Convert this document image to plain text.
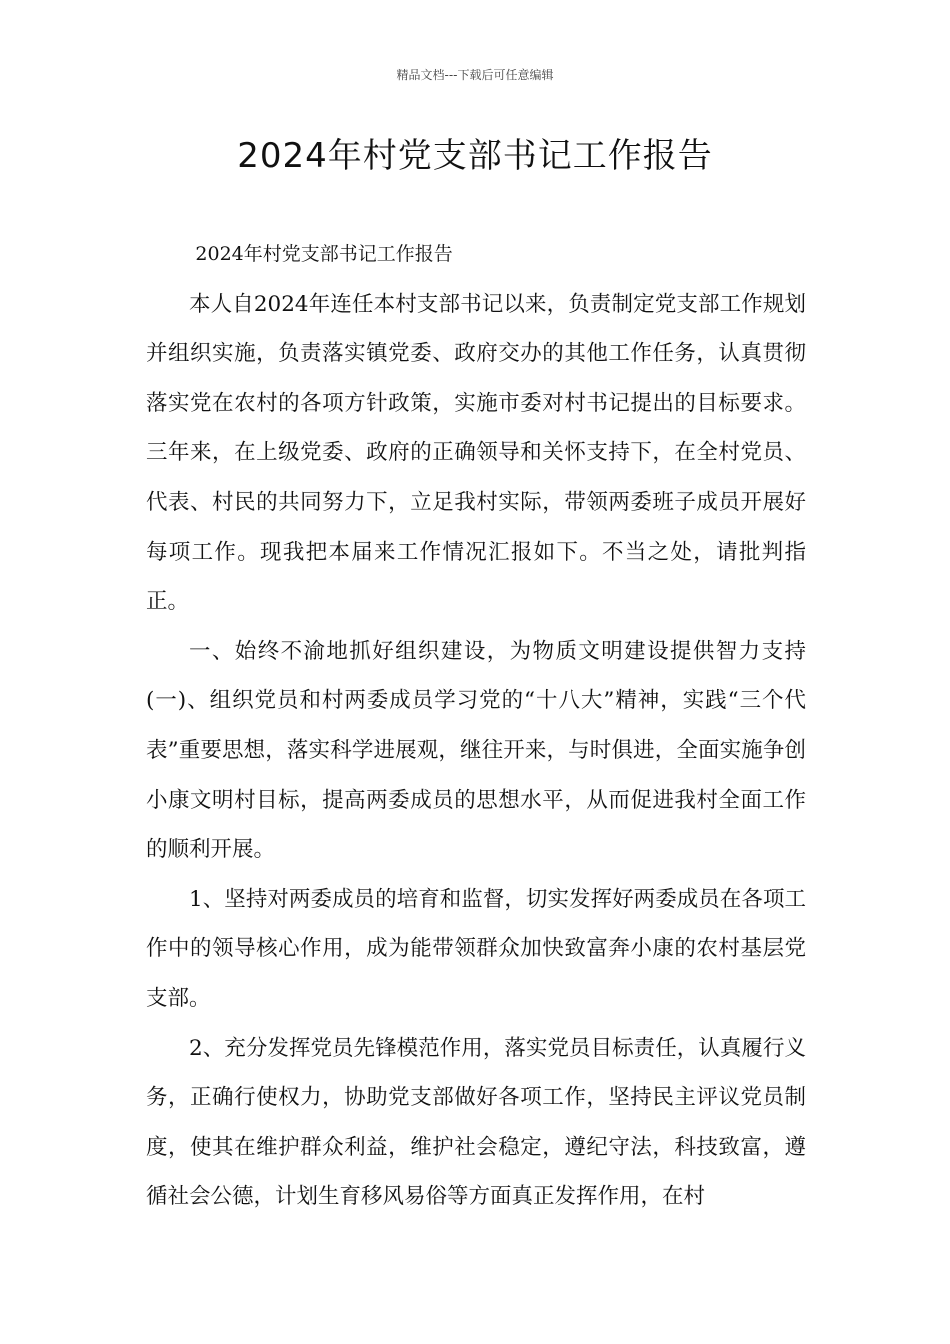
精品文档---下载后可任意编辑
2024年村党支部书记工作报告

2024年村党支部书记工作报告

本人自2024年连任本村支部书记以来，负责制定党支部工作规划并组织实施，负责落实镇党委、政府交办的其他工作任务，认真贯彻落实党在农村的各项方针政策，实施市委对村书记提出的目标要求。三年来，在上级党委、政府的正确领导和关怀支持下，在全村党员、代表、村民的共同努力下，立足我村实际，带领两委班子成员开展好每项工作。现我把本届来工作情况汇报如下。不当之处，请批判指正。

一、始终不渝地抓好组织建设，为物质文明建设提供智力支持(一)、组织党员和村两委成员学习党的“十八大”精神，实践“三个代表”重要思想，落实科学进展观，继往开来，与时俱进，全面实施争创小康文明村目标，提高两委成员的思想水平，从而促进我村全面工作的顺利开展。

1、坚持对两委成员的培育和监督，切实发挥好两委成员在各项工作中的领导核心作用，成为能带领群众加快致富奔小康的农村基层党支部。

2、充分发挥党员先锋模范作用，落实党员目标责任，认真履行义务，正确行使权力，协助党支部做好各项工作，坚持民主评议党员制度，使其在维护群众利益，维护社会稳定，遵纪守法，科技致富，遵循社会公德，计划生育移风易俗等方面真正发挥作用，在村
